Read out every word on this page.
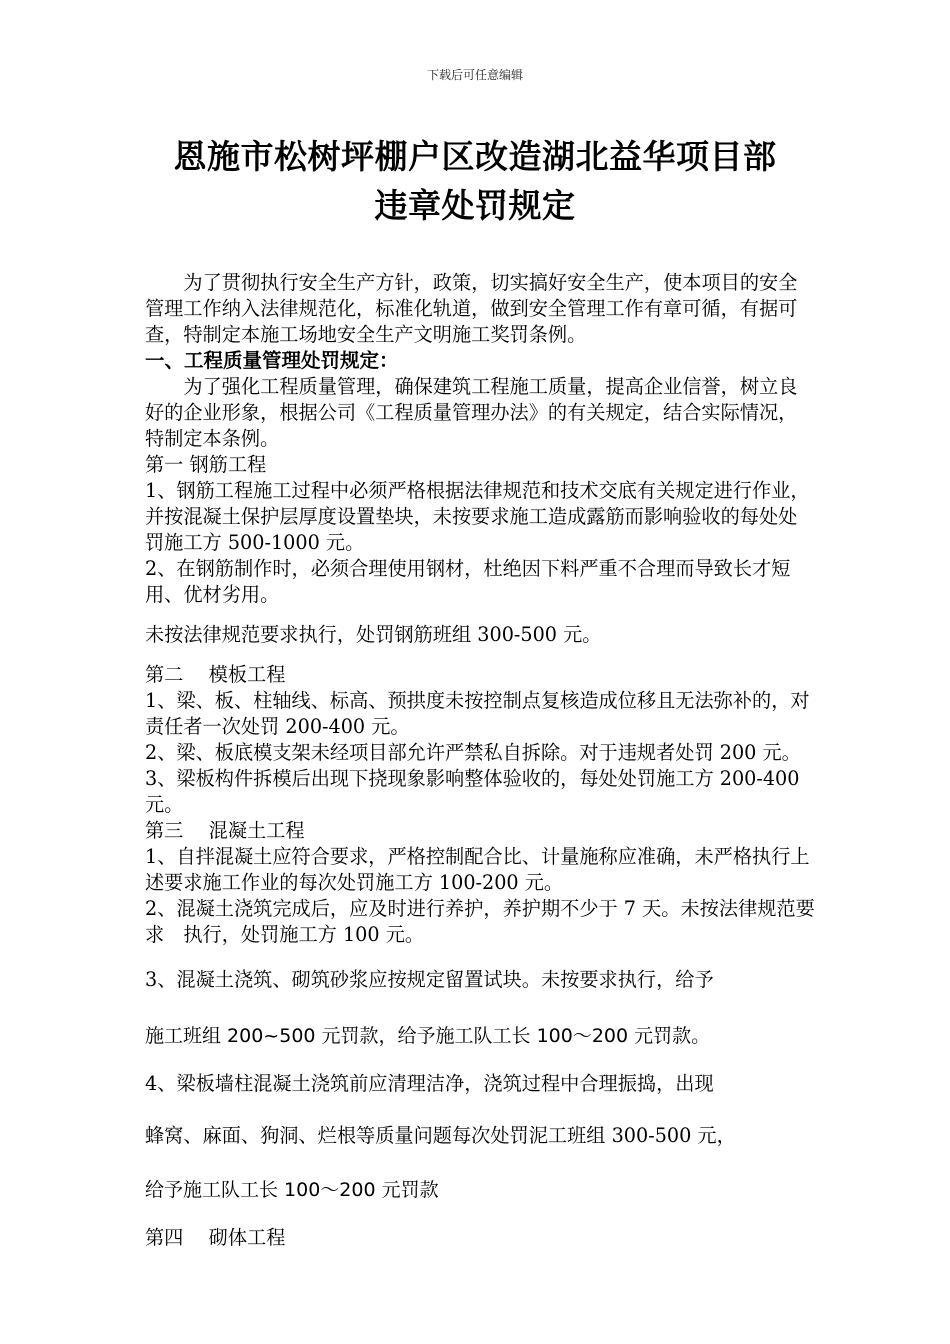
下载后可任意编辑
恩施市松树坪棚户区改造湖北益华项目部
违章处罚规定

为了贯彻执行安全生产方针，政策，切实搞好安全生产，使本项目的安全管理工作纳入法律规范化，标准化轨道，做到安全管理工作有章可循，有据可查，特制定本施工场地安全生产文明施工奖罚条例。

一、工程质量管理处罚规定：

为了强化工程质量管理，确保建筑工程施工质量，提高企业信誉，树立良好的企业形象，根据公司《工程质量管理办法》的有关规定，结合实际情况，特制定本条例。

第一 钢筋工程

1、钢筋工程施工过程中必须严格根据法律规范和技术交底有关规定进行作业，并按混凝土保护层厚度设置垫块，未按要求施工造成露筋而影响验收的每处处罚施工方 500-1000 元。

2、在钢筋制作时，必须合理使用钢材，杜绝因下料严重不合理而导致长才短用、优材劣用。

未按法律规范要求执行，处罚钢筋班组 300-500 元。

第二　 模板工程

1、梁、板、柱轴线、标高、预拱度未按控制点复核造成位移且无法弥补的，对责任者一次处罚 200-400 元。

2、梁、板底模支架未经项目部允许严禁私自拆除。对于违规者处罚 200 元。

3、梁板构件拆模后出现下挠现象影响整体验收的，每处处罚施工方 200-400 元。

第三　 混凝土工程

1、自拌混凝土应符合要求，严格控制配合比、计量施称应准确，未严格执行上述要求施工作业的每次处罚施工方 100-200 元。

2、混凝土浇筑完成后，应及时进行养护，养护期不少于 7 天。未按法律规范要求　执行，处罚施工方 100 元。

3、混凝土浇筑、砌筑砂浆应按规定留置试块。未按要求执行，给予

施工班组 200~500 元罚款，给予施工队工长 100～200 元罚款。

4、梁板墙柱混凝土浇筑前应清理洁净，浇筑过程中合理振捣，出现

蜂窝、麻面、狗洞、烂根等质量问题每次处罚泥工班组 300-500 元，

给予施工队工长 100～200 元罚款

第四　 砌体工程
